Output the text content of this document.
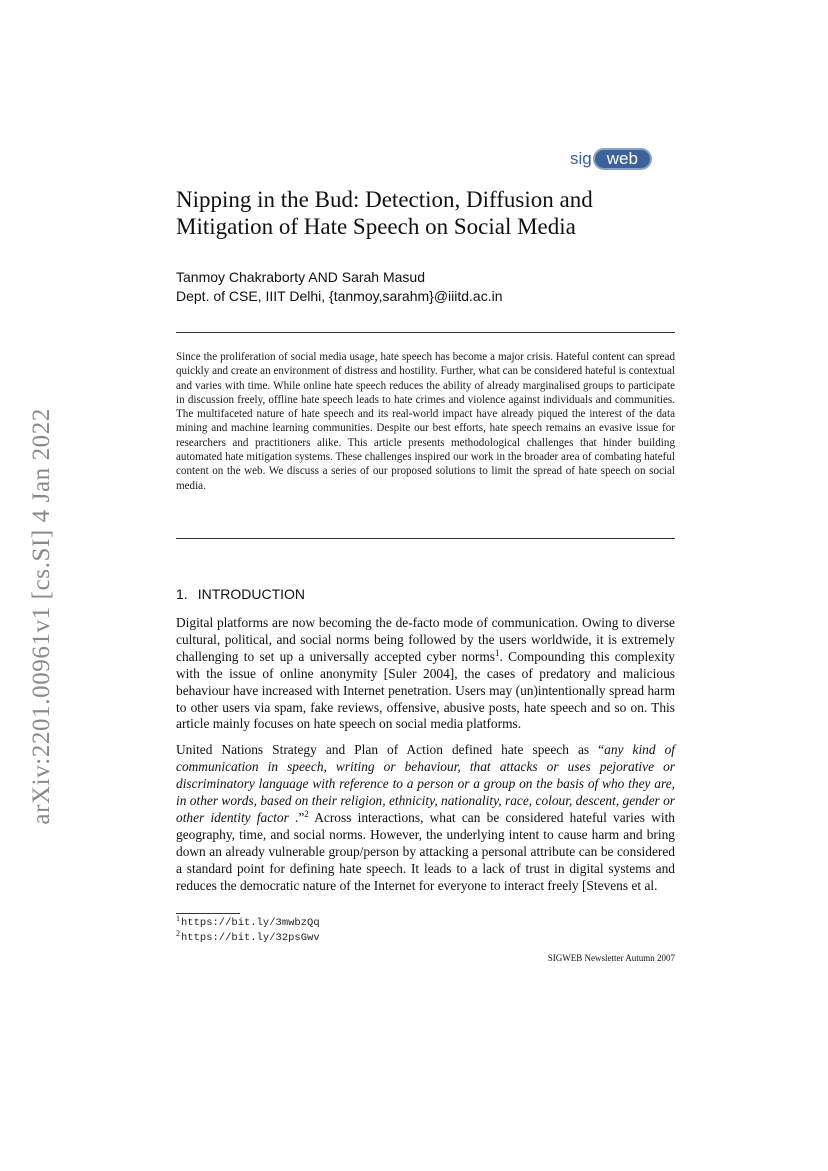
arXiv:2201.00961v1 [cs.SI] 4 Jan 2022
sig web
Nipping in the Bud: Detection, Diffusion and Mitigation of Hate Speech on Social Media
Tanmoy Chakraborty AND Sarah Masud
Dept. of CSE, IIIT Delhi, {tanmoy,sarahm}@iiitd.ac.in

Since the proliferation of social media usage, hate speech has become a major crisis. Hateful content can spread quickly and create an environment of distress and hostility. Further, what can be considered hateful is contextual and varies with time. While online hate speech reduces the ability of already marginalised groups to participate in discussion freely, offline hate speech leads to hate crimes and violence against individuals and communities. The multifaceted nature of hate speech and its real-world impact have already piqued the interest of the data mining and machine learning communities. Despite our best efforts, hate speech remains an evasive issue for researchers and practitioners alike. This article presents methodological challenges that hinder building automated hate mitigation systems. These challenges inspired our work in the broader area of combating hateful content on the web. We discuss a series of our proposed solutions to limit the spread of hate speech on social media.

1. INTRODUCTION

Digital platforms are now becoming the de-facto mode of communication. Owing to diverse cultural, political, and social norms being followed by the users worldwide, it is extremely challenging to set up a universally accepted cyber norms$^1$. Compounding this complexity with the issue of online anonymity [Suler 2004], the cases of predatory and malicious behaviour have increased with Internet penetration. Users may (un)intentionally spread harm to other users via spam, fake reviews, offensive, abusive posts, hate speech and so on. This article mainly focuses on hate speech on social media platforms.

United Nations Strategy and Plan of Action defined hate speech as “any kind of communication in speech, writing or behaviour, that attacks or uses pejorative or discriminatory language with reference to a person or a group on the basis of who they are, in other words, based on their religion, ethnicity, nationality, race, colour, descent, gender or other identity factor .”$^2$ Across interactions, what can be considered hateful varies with geography, time, and social norms. However, the underlying intent to cause harm and bring down an already vulnerable group/person by attacking a personal attribute can be considered a standard point for defining hate speech. It leads to a lack of trust in digital systems and reduces the democratic nature of the Internet for everyone to interact freely [Stevens et al.

$^1$https://bit.ly/3mwbzQq
$^2$https://bit.ly/32psGwv
SIGWEB Newsletter Autumn 2007
